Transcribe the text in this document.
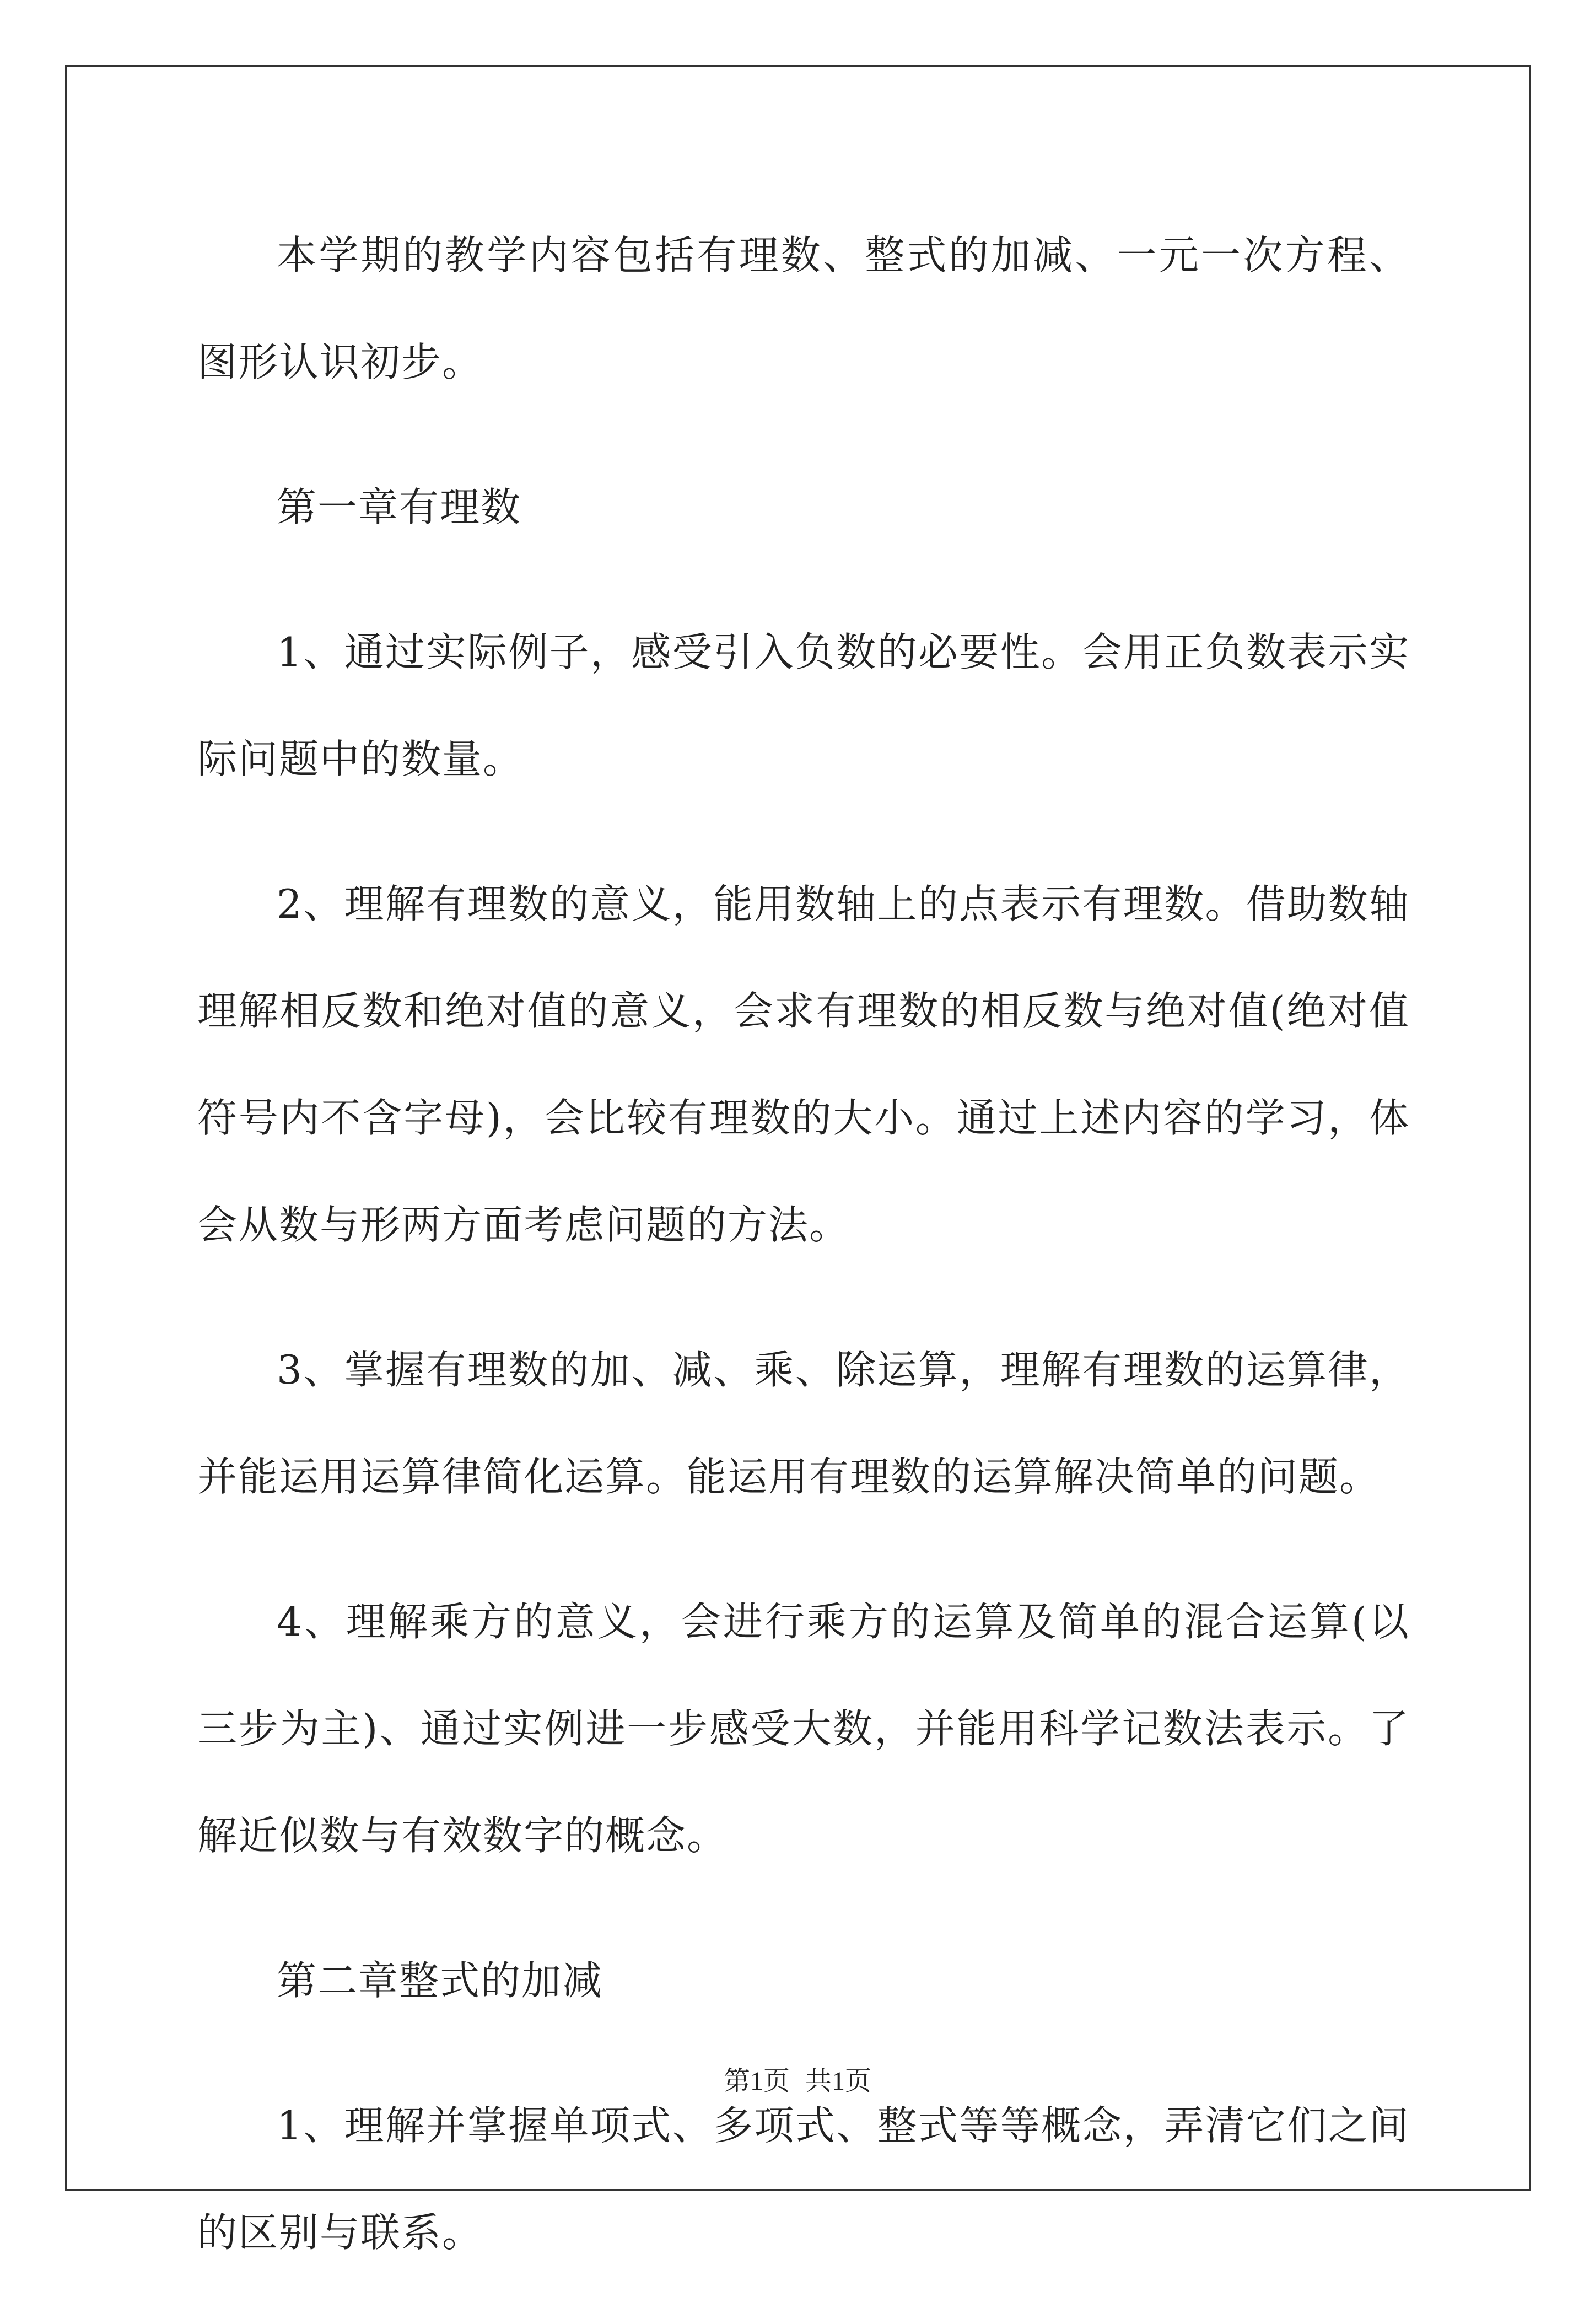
本学期的教学内容包括有理数、整式的加减、一元一次方程、图形认识初步。

第一章有理数

1、通过实际例子，感受引入负数的必要性。会用正负数表示实际问题中的数量。

2、理解有理数的意义，能用数轴上的点表示有理数。借助数轴理解相反数和绝对值的意义，会求有理数的相反数与绝对值(绝对值符号内不含字母)，会比较有理数的大小。通过上述内容的学习，体会从数与形两方面考虑问题的方法。

3、掌握有理数的加、减、乘、除运算，理解有理数的运算律，并能运用运算律简化运算。能运用有理数的运算解决简单的问题。

4、理解乘方的意义，会进行乘方的运算及简单的混合运算(以三步为主)、通过实例进一步感受大数，并能用科学记数法表示。了解近似数与有效数字的概念。

第二章整式的加减

1、理解并掌握单项式、多项式、整式等等概念，弄清它们之间的区别与联系。

第1页 共1页
